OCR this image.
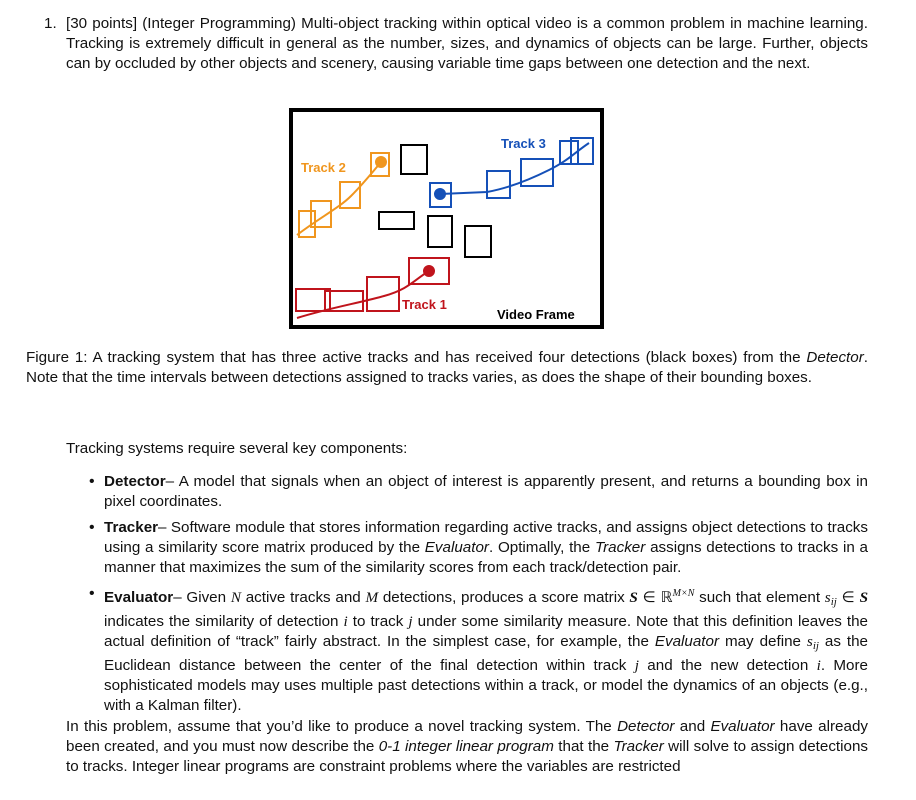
1. [30 points] (Integer Programming) Multi-object tracking within optical video is a common problem in machine learning. Tracking is extremely difficult in general as the number, sizes, and dynamics of objects can be large. Further, objects can by occluded by other objects and scenery, causing variable time gaps between one detection and the next.
Track 1
Track 2
Track 3
Video Frame
Figure 1: A tracking system that has three active tracks and has received four detections (black boxes) from the Detector. Note that the time intervals between detections assigned to tracks varies, as does the shape of their bounding boxes.
Tracking systems require several key components:
• Detector– A model that signals when an object of interest is apparently present, and returns a bounding box in pixel coordinates.
• Tracker– Software module that stores information regarding active tracks, and assigns object detections to tracks using a similarity score matrix produced by the Evaluator. Optimally, the Tracker assigns detections to tracks in a manner that maximizes the sum of the similarity scores from each track/detection pair.
• Evaluator– Given N active tracks and M detections, produces a score matrix S ∈ ℝ$^{M\times N}$ such that element $s_{ij}$ ∈ S indicates the similarity of detection i to track j under some similarity measure. Note that this definition leaves the actual definition of “track” fairly abstract. In the simplest case, for example, the Evaluator may define $s_{ij}$ as the Euclidean distance between the center of the final detection within track j and the new detection i. More sophisticated models may uses multiple past detections within a track, or model the dynamics of an objects (e.g., with a Kalman filter).
In this problem, assume that you’d like to produce a novel tracking system. The Detector and Evaluator have already been created, and you must now describe the 0-1 integer linear program that the Tracker will solve to assign detections to tracks. Integer linear programs are constraint problems where the variables are restricted
